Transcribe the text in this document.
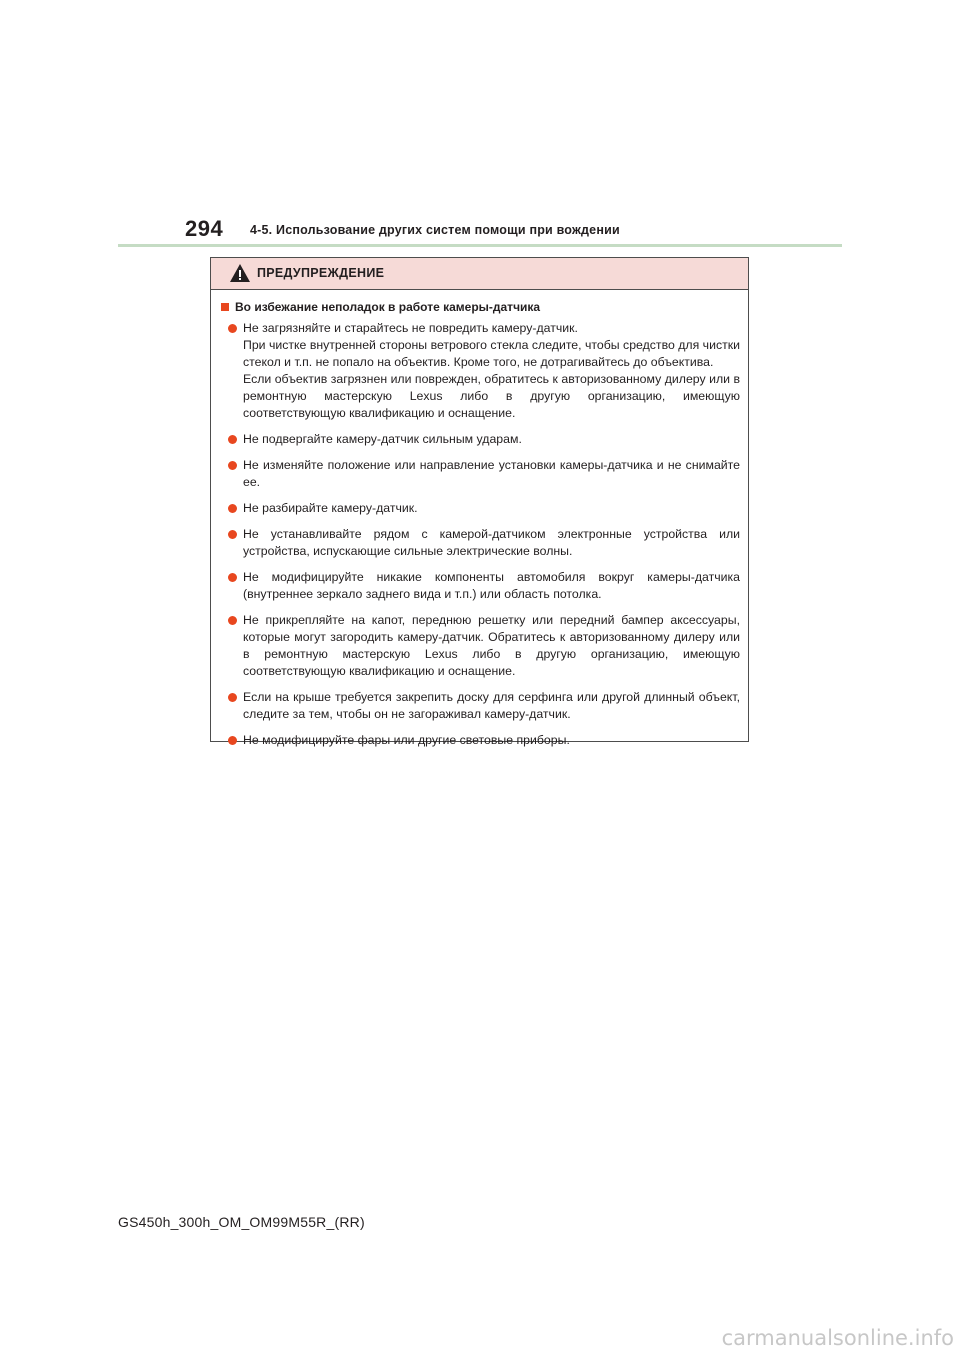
294 4-5. Использование других систем помощи при вождении
ПРЕДУПРЕЖДЕНИЕ
Во избежание неполадок в работе камеры-датчика
Не загрязняйте и старайтесь не повредить камеру-датчик.
При чистке внутренней стороны ветрового стекла следите, чтобы средство для чистки стекол и т.п. не попало на объектив. Кроме того, не дотрагивайтесь до объектива.
Если объектив загрязнен или поврежден, обратитесь к авторизованному дилеру или в ремонтную мастерскую Lexus либо в другую организацию, имеющую соответствующую квалификацию и оснащение.
Не подвергайте камеру-датчик сильным ударам.
Не изменяйте положение или направление установки камеры-датчика и не снимайте ее.
Не разбирайте камеру-датчик.
Не устанавливайте рядом с камерой-датчиком электронные устройства или устройства, испускающие сильные электрические волны.
Не модифицируйте никакие компоненты автомобиля вокруг камеры-датчика (внутреннее зеркало заднего вида и т.п.) или область потолка.
Не прикрепляйте на капот, переднюю решетку или передний бампер аксессуары, которые могут загородить камеру-датчик. Обратитесь к авторизованному дилеру или в ремонтную мастерскую Lexus либо в другую организацию, имеющую соответствующую квалификацию и оснащение.
Если на крыше требуется закрепить доску для серфинга или другой длинный объект, следите за тем, чтобы он не загораживал камеру-датчик.
Не модифицируйте фары или другие световые приборы.
GS450h_300h_OM_OM99M55R_(RR)
carmanualsonline.info
